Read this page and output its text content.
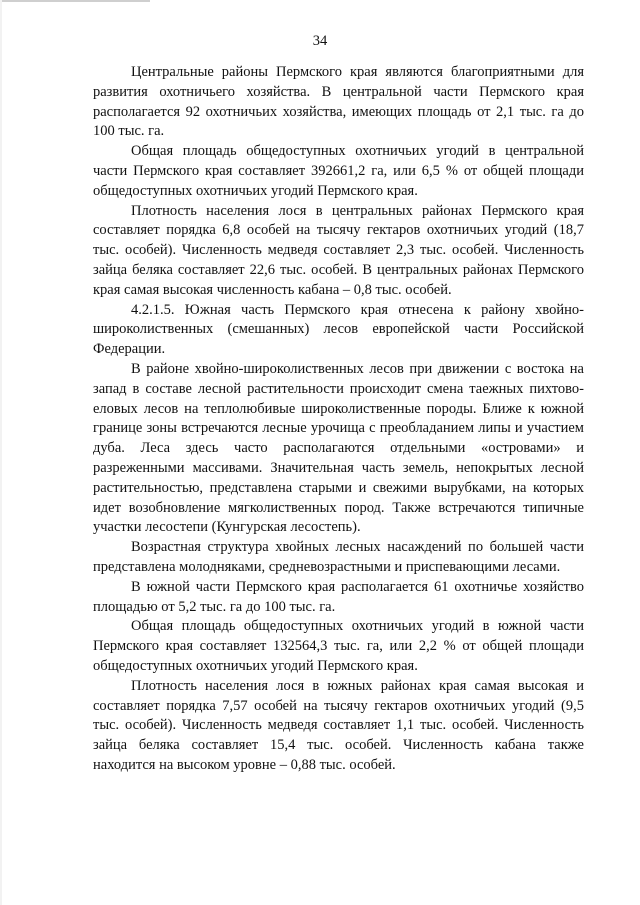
34

Центральные районы Пермского края являются благоприятными для развития охотничьего хозяйства. В центральной части Пермского края располагается 92 охотничьих хозяйства, имеющих площадь от 2,1 тыс. га до 100 тыс. га.

Общая площадь общедоступных охотничьих угодий в центральной части Пермского края составляет 392661,2 га, или 6,5 % от общей площади общедоступных охотничьих угодий Пермского края.

Плотность населения лося в центральных районах Пермского края составляет порядка 6,8 особей на тысячу гектаров охотничьих угодий (18,7 тыс. особей). Численность медведя составляет 2,3 тыс. особей. Численность зайца беляка составляет 22,6 тыс. особей. В центральных районах Пермского края самая высокая численность кабана – 0,8 тыс. особей.

4.2.1.5. Южная часть Пермского края отнесена к району хвойно-широколиственных (смешанных) лесов европейской части Российской Федерации.

В районе хвойно-широколиственных лесов при движении с востока на запад в составе лесной растительности происходит смена таежных пихтово-еловых лесов на теплолюбивые широколиственные породы. Ближе к южной границе зоны встречаются лесные урочища с преобладанием липы и участием дуба. Леса здесь часто располагаются отдельными «островами» и разреженными массивами. Значительная часть земель, непокрытых лесной растительностью, представлена старыми и свежими вырубками, на которых идет возобновление мягколиственных пород. Также встречаются типичные участки лесостепи (Кунгурская лесостепь).

Возрастная структура хвойных лесных насаждений по большей части представлена молодняками, средневозрастными и приспевающими лесами.

В южной части Пермского края располагается 61 охотничье хозяйство площадью от 5,2 тыс. га до 100 тыс. га.

Общая площадь общедоступных охотничьих угодий в южной части Пермского края составляет 132564,3 тыс. га, или 2,2 % от общей площади общедоступных охотничьих угодий Пермского края.

Плотность населения лося в южных районах края самая высокая и составляет порядка 7,57 особей на тысячу гектаров охотничьих угодий (9,5 тыс. особей). Численность медведя составляет 1,1 тыс. особей. Численность зайца беляка составляет 15,4 тыс. особей. Численность кабана также находится на высоком уровне – 0,88 тыс. особей.
